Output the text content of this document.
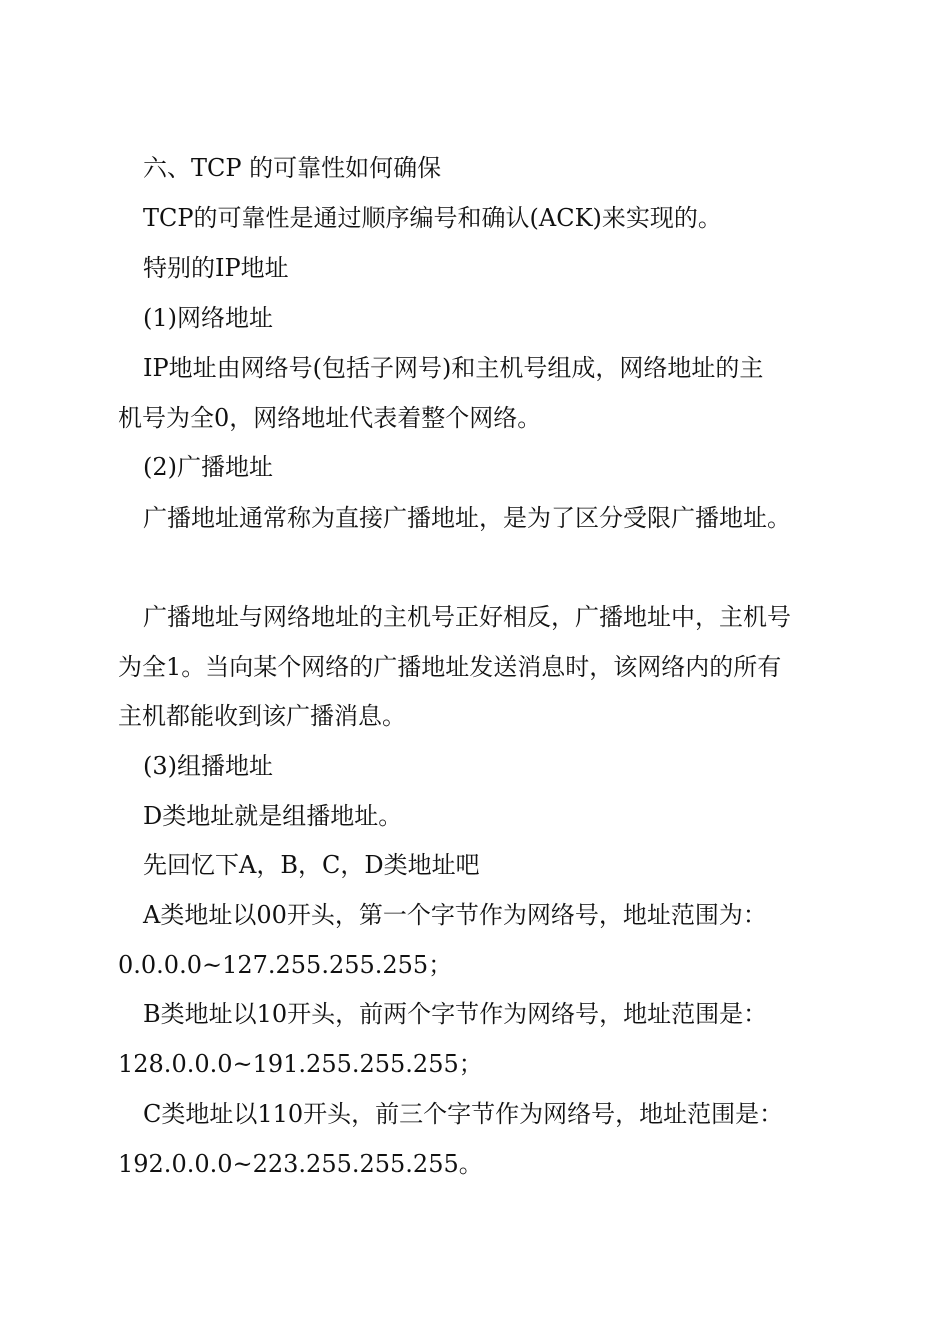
六、TCP 的可靠性如何确保
TCP的可靠性是通过顺序编号和确认(ACK)来实现的。
特别的IP地址
(1)网络地址
IP地址由网络号(包括子网号)和主机号组成，网络地址的主
机号为全0，网络地址代表着整个网络。
(2)广播地址
广播地址通常称为直接广播地址，是为了区分受限广播地址。
广播地址与网络地址的主机号正好相反，广播地址中，主机号
为全1。当向某个网络的广播地址发送消息时，该网络内的所有
主机都能收到该广播消息。
(3)组播地址
D类地址就是组播地址。
先回忆下A，B，C，D类地址吧
A类地址以00开头，第一个字节作为网络号，地址范围为：
0.0.0.0~127.255.255.255；
B类地址以10开头，前两个字节作为网络号，地址范围是：
128.0.0.0~191.255.255.255；
C类地址以110开头，前三个字节作为网络号，地址范围是：
192.0.0.0~223.255.255.255。
